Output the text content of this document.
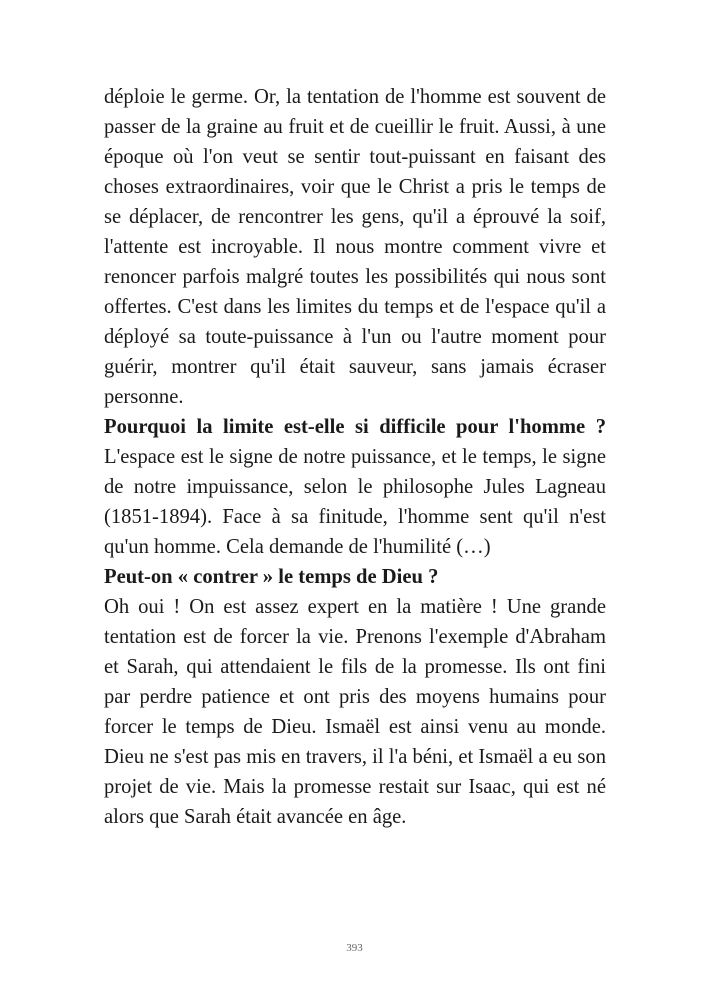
déploie le germe. Or, la tentation de l'homme est souvent de passer de la graine au fruit et de cueillir le fruit. Aussi, à une époque où l'on veut se sentir tout-puissant en faisant des choses extraordinaires, voir que le Christ a pris le temps de se déplacer, de rencontrer les gens, qu'il a éprouvé la soif, l'attente est incroyable. Il nous montre comment vivre et renoncer parfois malgré toutes les possibilités qui nous sont offertes. C'est dans les limites du temps et de l'espace qu'il a déployé sa toute-puissance à l'un ou l'autre moment pour guérir, montrer qu'il était sauveur, sans jamais écraser personne.

Pourquoi la limite est-elle si difficile pour l'homme ? L'espace est le signe de notre puissance, et le temps, le signe de notre impuissance, selon le philosophe Jules Lagneau (1851-1894). Face à sa finitude, l'homme sent qu'il n'est qu'un homme. Cela demande de l'humilité (…)

Peut-on « contrer » le temps de Dieu ?

Oh oui ! On est assez expert en la matière ! Une grande tentation est de forcer la vie. Prenons l'exemple d'Abraham et Sarah, qui attendaient le fils de la promesse. Ils ont fini par perdre patience et ont pris des moyens humains pour forcer le temps de Dieu. Ismaël est ainsi venu au monde. Dieu ne s'est pas mis en travers, il l'a béni, et Ismaël a eu son projet de vie. Mais la promesse restait sur Isaac, qui est né alors que Sarah était avancée en âge.

393
